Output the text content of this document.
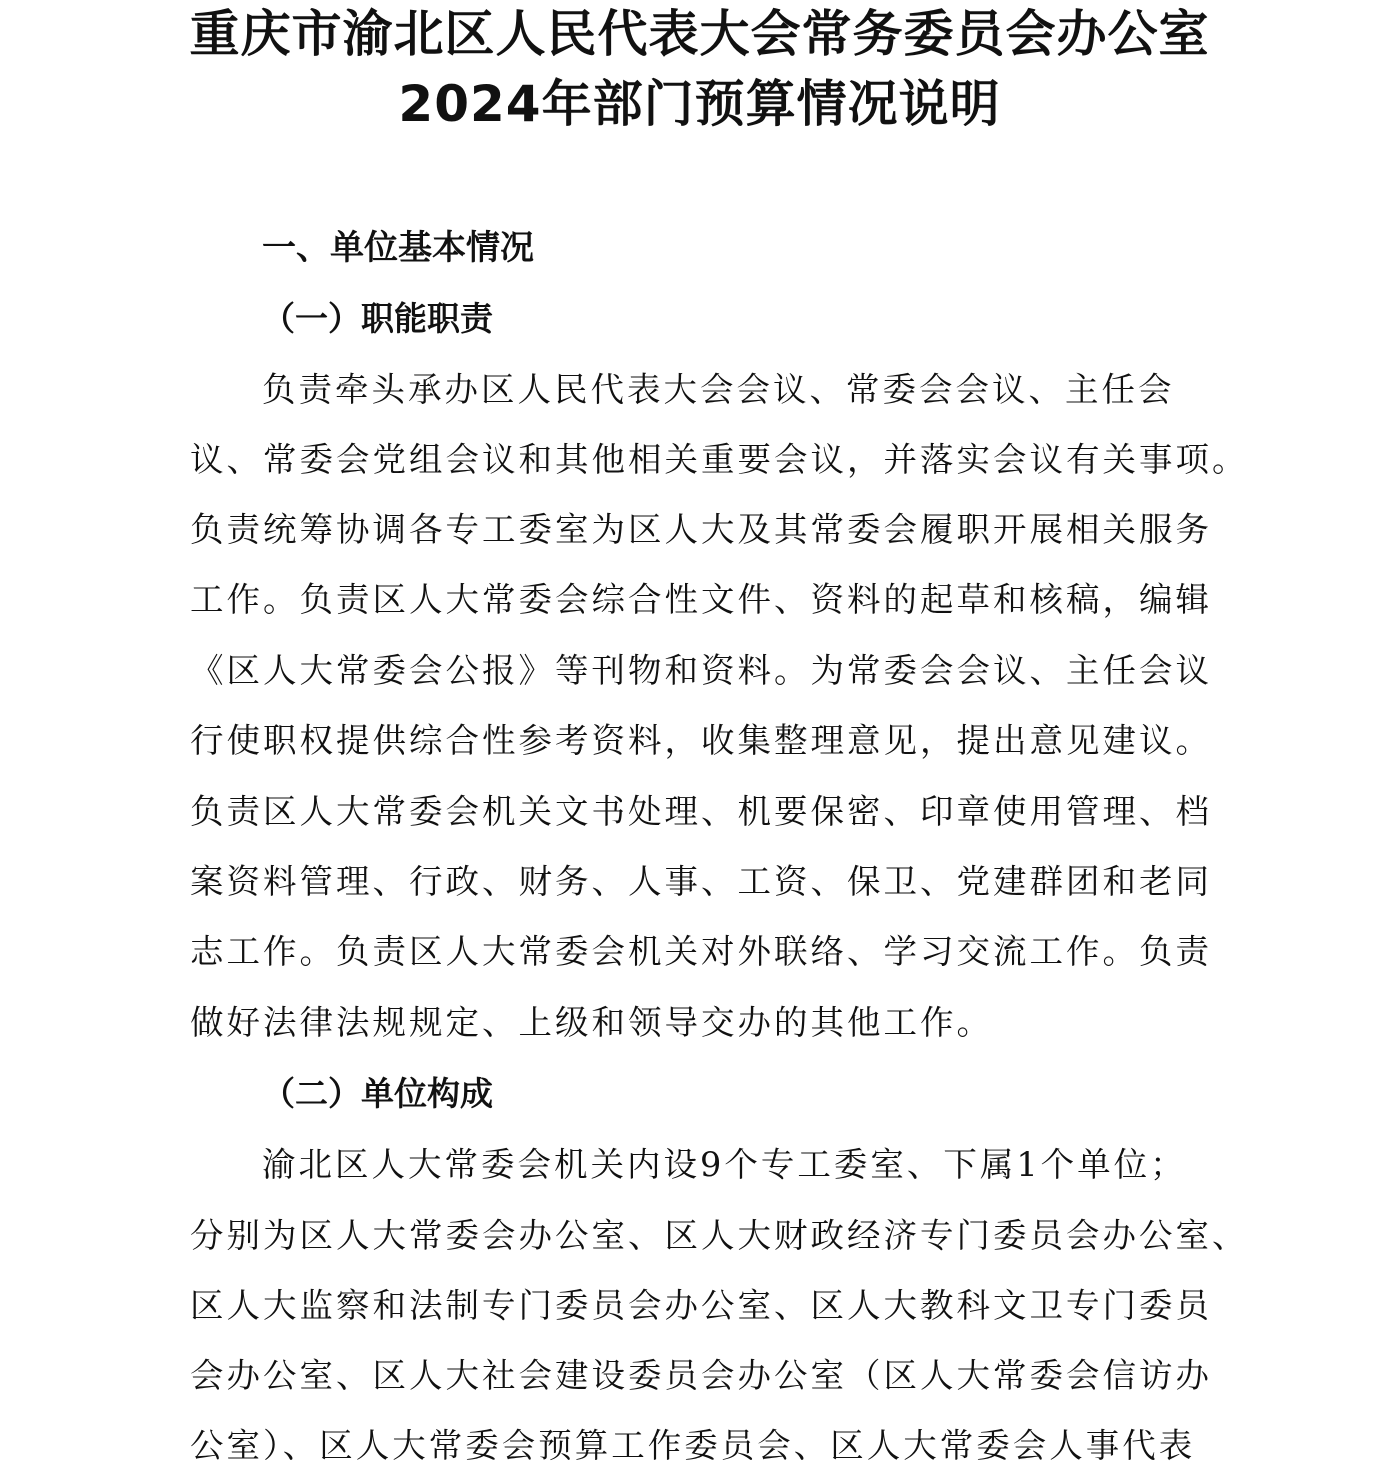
重庆市渝北区人民代表大会常务委员会办公室
2024年部门预算情况说明
一、单位基本情况
（一）职能职责
负责牵头承办区人民代表大会会议、常委会会议、主任会
议、常委会党组会议和其他相关重要会议，并落实会议有关事项。
负责统筹协调各专工委室为区人大及其常委会履职开展相关服务
工作。负责区人大常委会综合性文件、资料的起草和核稿，编辑
《区人大常委会公报》等刊物和资料。为常委会会议、主任会议
行使职权提供综合性参考资料，收集整理意见，提出意见建议。
负责区人大常委会机关文书处理、机要保密、印章使用管理、档
案资料管理、行政、财务、人事、工资、保卫、党建群团和老同
志工作。负责区人大常委会机关对外联络、学习交流工作。负责
做好法律法规规定、上级和领导交办的其他工作。
（二）单位构成
渝北区人大常委会机关内设9个专工委室、下属1个单位；
分别为区人大常委会办公室、区人大财政经济专门委员会办公室、
区人大监察和法制专门委员会办公室、区人大教科文卫专门委员
会办公室、区人大社会建设委员会办公室（区人大常委会信访办
公室）、区人大常委会预算工作委员会、区人大常委会人事代表
